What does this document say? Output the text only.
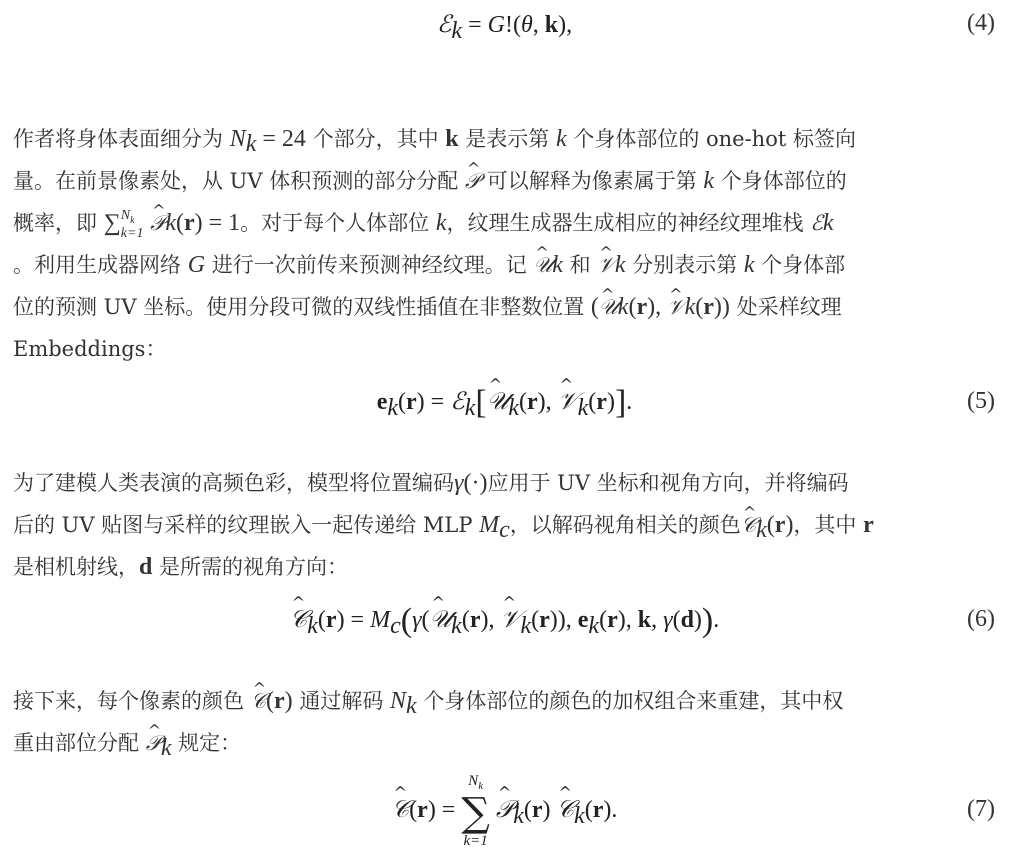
ℰ$_k$ = G!(θ, k),	(4)
作者将身体表面细分为 $N_k = 24$ 个部分，其中 k 是表示第 k 个身体部位的 one-hot 标签向
量。在前景像素处，从 UV 体积预测的部分分配 ^ 𝒫 可以解释为像素属于第 k 个身体部位的
概率，即 ∑ $N_k$
k=1
^ 𝒫k(r) = 1。对于每个人体部位 k，纹理生成器生成相应的神经纹理堆栈 ℰk
。利用生成器网络 G 进行一次前传来预测神经纹理。记 ^ 𝒰k 和 ^ 𝒱k 分别表示第 k 个身体部
位的预测 UV 坐标。使用分段可微的双线性插值在非整数位置 (^ 𝒰k(r), ^ 𝒱k(r)) 处采样纹理
Embeddings：
$e_k(r)$ = ℰ$_k$[^ 𝒰$_k$(r), ^ 𝒱$_k$(r)].	(5)
为了建模人类表演的高频色彩，模型将位置编码γ(·)应用于 UV 坐标和视角方向，并将编码
后的 UV 贴图与采样的纹理嵌入一起传递给 MLP $M_c$，以解码视角相关的颜色^ 𝒞$_k$(r)，其中 r
是相机射线，d 是所需的视角方向：
^ 𝒞$_k$(r) = $M_c(\gamma(\^{}$ 𝒰$_k$(r), ^ 𝒱$_k$(r)), $e_k(r)$, k, γ(d)).	(6)
接下来，每个像素的颜色 ^ 𝒞(r) 通过解码 $N_k$ 个身体部位的颜色的加权组合来重建，其中权
重由部位分配 ^ 𝒫$_k$ 规定：
^ 𝒞(r) =
$N_k$
∑
k=1
^ 𝒫$_k$(r) ^ 𝒞$_k$(r).	(7)
